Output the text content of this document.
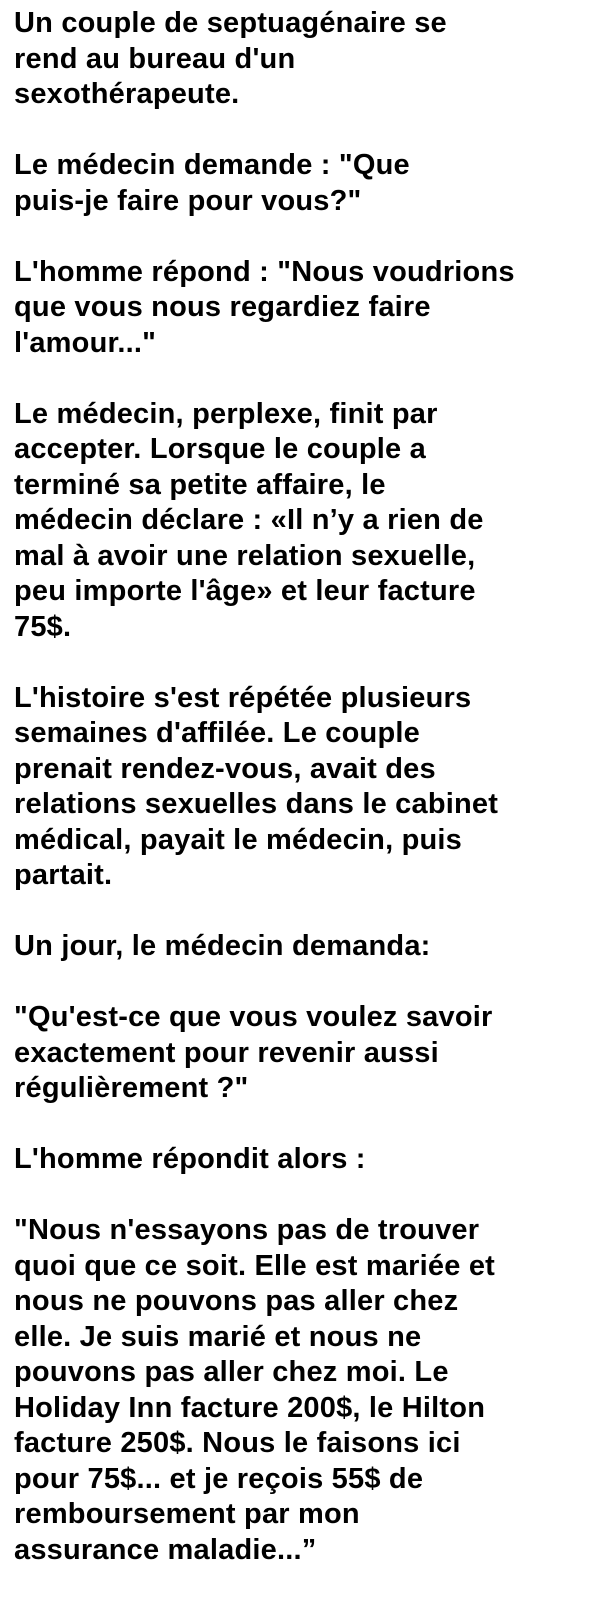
Un couple de septuagénaire se
rend au bureau d'un
sexothérapeute.

Le médecin demande : "Que
puis-je faire pour vous?"

L'homme répond : "Nous voudrions
que vous nous regardiez faire
l'amour..."

Le médecin, perplexe, finit par
accepter. Lorsque le couple a
terminé sa petite affaire, le
médecin déclare : «Il n’y a rien de
mal à avoir une relation sexuelle,
peu importe l'âge» et leur facture
75$.

L'histoire s'est répétée plusieurs
semaines d'affilée. Le couple
prenait rendez-vous, avait des
relations sexuelles dans le cabinet
médical, payait le médecin, puis
partait.

Un jour, le médecin demanda:

"Qu'est-ce que vous voulez savoir
exactement pour revenir aussi
régulièrement ?"

L'homme répondit alors :

"Nous n'essayons pas de trouver
quoi que ce soit. Elle est mariée et
nous ne pouvons pas aller chez
elle. Je suis marié et nous ne
pouvons pas aller chez moi. Le
Holiday Inn facture 200$, le Hilton
facture 250$. Nous le faisons ici
pour 75$... et je reçois 55$ de
remboursement par mon
assurance maladie...”
